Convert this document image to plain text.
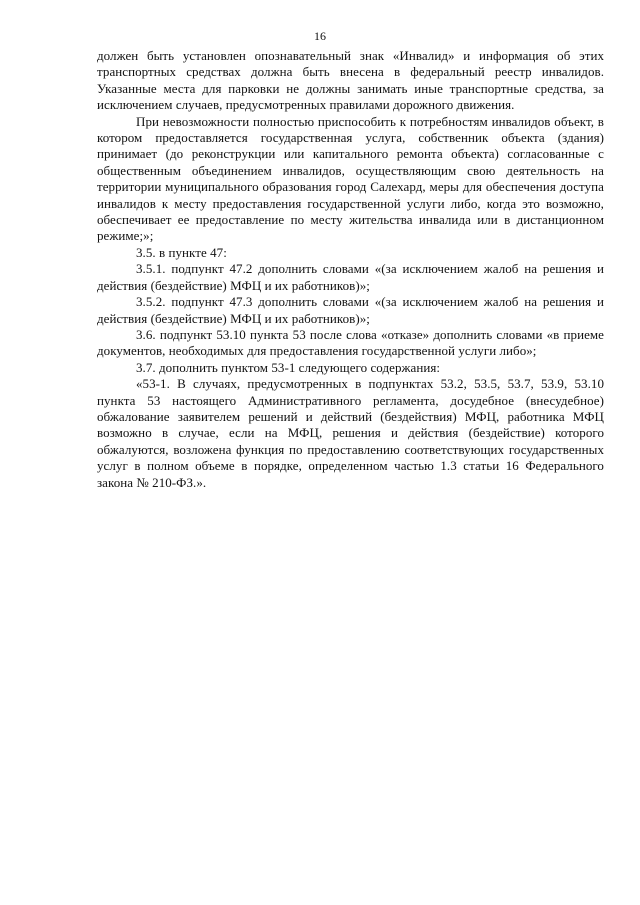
16

должен быть установлен опознавательный знак «Инвалид» и информация об этих транспортных средствах должна быть внесена в федеральный реестр инвалидов. Указанные места для парковки не должны занимать иные транспортные средства, за исключением случаев, предусмотренных правилами дорожного движения.

При невозможности полностью приспособить к потребностям инвалидов объект, в котором предоставляется государственная услуга, собственник объекта (здания) принимает (до реконструкции или капитального ремонта объекта) согласованные с общественным объединением инвалидов, осуществляющим свою деятельность на территории муниципального образования город Салехард, меры для обеспечения доступа инвалидов к месту предоставления государственной услуги либо, когда это возможно, обеспечивает ее предоставление по месту жительства инвалида или в дистанционном режиме;»;

3.5. в пункте 47:

3.5.1. подпункт 47.2 дополнить словами «(за исключением жалоб на решения и действия (бездействие) МФЦ и их работников)»;

3.5.2. подпункт 47.3 дополнить словами «(за исключением жалоб на решения и действия (бездействие) МФЦ и их работников)»;

3.6. подпункт 53.10 пункта 53 после слова «отказе» дополнить словами «в приеме документов, необходимых для предоставления государственной услуги либо»;

3.7. дополнить пунктом 53-1 следующего содержания:

«53-1. В случаях, предусмотренных в подпунктах 53.2, 53.5, 53.7, 53.9, 53.10 пункта 53 настоящего Административного регламента, досудебное (внесудебное) обжалование заявителем решений и действий (бездействия) МФЦ, работника МФЦ возможно в случае, если на МФЦ, решения и действия (бездействие) которого обжалуются, возложена функция по предоставлению соответствующих государственных услуг в полном объеме в порядке, определенном частью 1.3 статьи 16 Федерального закона № 210-ФЗ.».
